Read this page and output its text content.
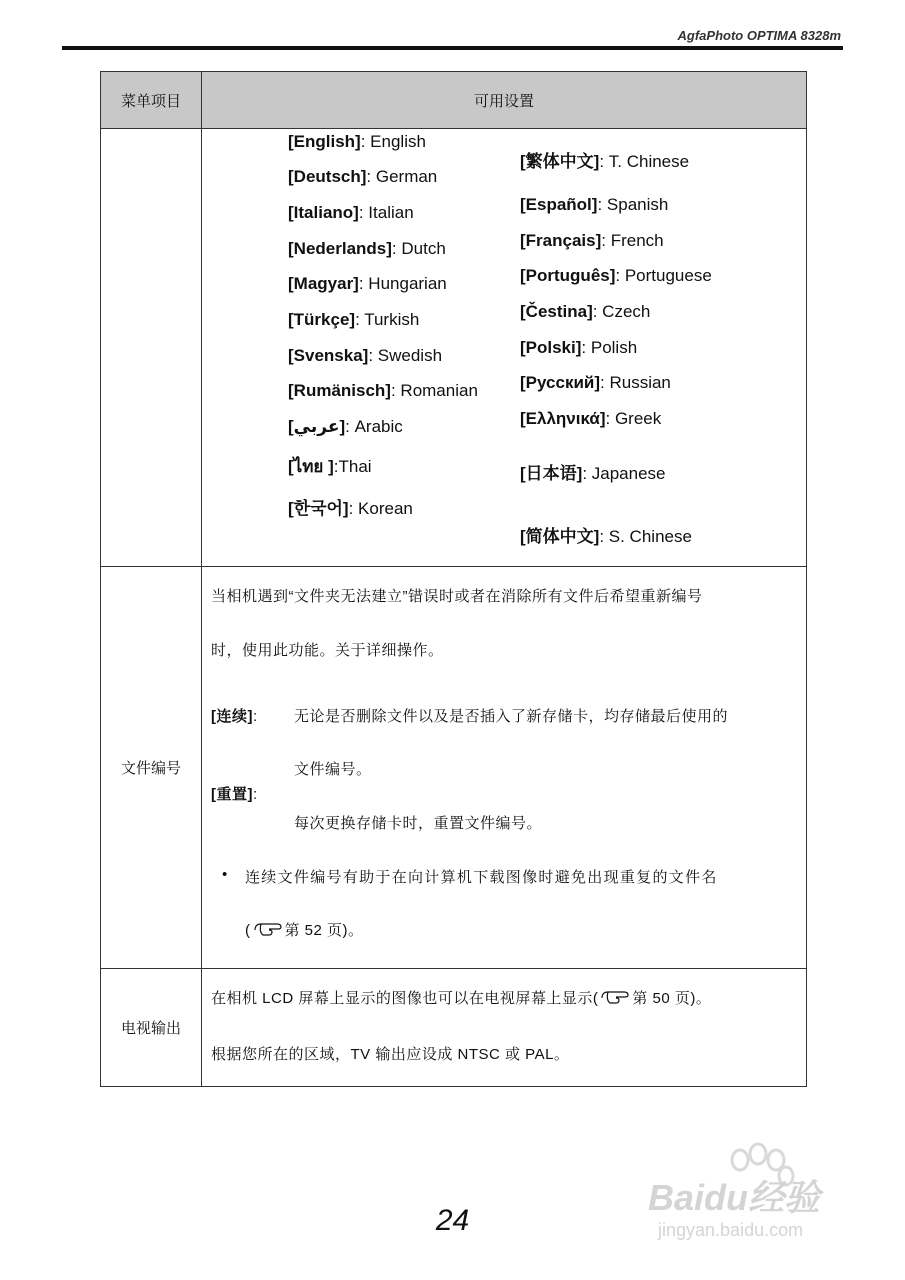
AgfaPhoto OPTIMA 8328m
菜单项目	可用设置
[English]: English
[Deutsch]: German
[Italiano]: Italian
[Nederlands]: Dutch
[Magyar]: Hungarian
[Türkçe]: Turkish
[Svenska]: Swedish
[Rumänisch]: Romanian
[عربي]: Arabic
[ไทย ]:Thai
[한국어]: Korean
[繁体中文]: T. Chinese
[Español]: Spanish
[Français]: French
[Português]: Portuguese
[Čestina]: Czech
[Polski]: Polish
[Русский]: Russian
[Ελληνικά]: Greek
[日本语]: Japanese
[简体中文]: S. Chinese
文件编号
当相机遇到“文件夹无法建立”错误时或者在消除所有文件后希望重新编号
时，使用此功能。关于详细操作。
[连续]: 无论是否删除文件以及是否插入了新存储卡，均存储最后使用的
文件编号。
[重置]:
每次更换存储卡时，重置文件编号。
• 连续文件编号有助于在向计算机下载图像时避免出现重复的文件名
( 第 52 页)。
电视输出
在相机 LCD 屏幕上显示的图像也可以在电视屏幕上显示( 第 50 页)。
根据您所在的区域，TV 输出应设成 NTSC 或 PAL。
24
Baidu经验
jingyan.baidu.com
